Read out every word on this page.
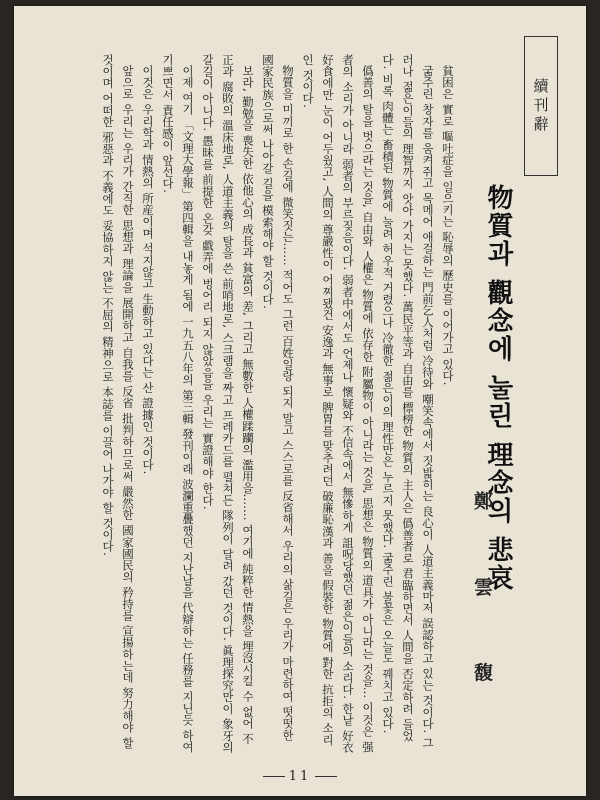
續刊辭
物質과 觀念에 눌린 理念의 悲哀
鄭 雲 馥

貧困은 實로 嘔吐症을 일으키는 恥辱의 歷史를 이어가고 있다.

굶주린 창자를 움켜쥐고 목메어 애걸하는 門前乞人처럼 冷待와 嘲笑속에서 짓밟히는 良心이 人道主義마저 誤認하고 있는 것이다. 그러나 젊은이들의 理智까지 앗아 가지는 못했다. 萬民平等과 自由를 標榜한 物質의 主人은 僞善者로 君臨하면서 人間을 否定하려 들었다. 비록 肉體는 畜積된 物質에 눌려 허우적 거렸으나 冷徹한 젊은이의 理性만은 누르지 못했다. 굶주린 불꽃은 오늘도 꿰치고 있다.

僞善의 탈을 벗으라는 것을, 自由와 人權은 物質에 依存한 附屬物이 아니라는 것을, 思想은 物質의 道具가 아니라는 것을… 이것은 强者의 소리가 아니라 弱者의 부르짖음이다. 弱者中에서도 언제나 懷疑와 不信속에서 無慘하게 詛呪당했던 젊은이들의 소리다. 한낱 好衣好食에만 눈이 어두웠고, 人間의 尊嚴性이 어찌됐건 安逸과 無事로 脾胃를 맞추려던 破廉恥漢과 善을 假裝한 物質에 對한 抗拒의 소리인 것이다.

物質을 미끼로 한 손길에 微笑짓는…… 적어도 그런 百姓일랑 되지 말고 스스로를 反省해서 우리의 삶길은 우리가 마련하여 떳떳한 國家民族으로써 나아갈 길을 模索해야 할 것이다.

보라, 勤勉을 喪失한 依他心의 成長과 貧富의 差, 그리고 無數한 人權蹂躪의 濫用을……. 여기에 純粹한 情熱을 埋沒시킬 수 없어 不正과 腐敗의 溫床地로, 人道主義의 탈을 쓴 前哨地로, 스크램을 짜고 프레카드를 펼쳐든 隊列이 달려 갔던 것이다. 眞理探究만이 象牙의 갈길이 아니다. 愚昧를 前提한 온갖 戱弄에 벙어리 되지 않았음을 우리는 實證해야 한다.

이제 여기 「文理大學報」第四輯을 내놓게 됨에 一九五八年의 第三輯 發刊이래 波瀾重疊했던 지난날을 代辯하는 任務를 지닌듯 하여 기쁘면서 責任感이 앞선다.

이것은 우리학과 情熱의 所産이며 석지않고 生動하고 있다는 산 證據인 것이다.

앞으로 우리는 우리가 간직한 思想과 理論을 展開하고 自我를 反省 批判하므로써 嚴然한 國家國民의 矜持를 宣揚하는데 努力해야 할것이며 어떠한 邪惡과 不義에도 妥協하지 않는 不屈의 精神으로 本誌를 이끌어 나가야 할 것이다.

11
